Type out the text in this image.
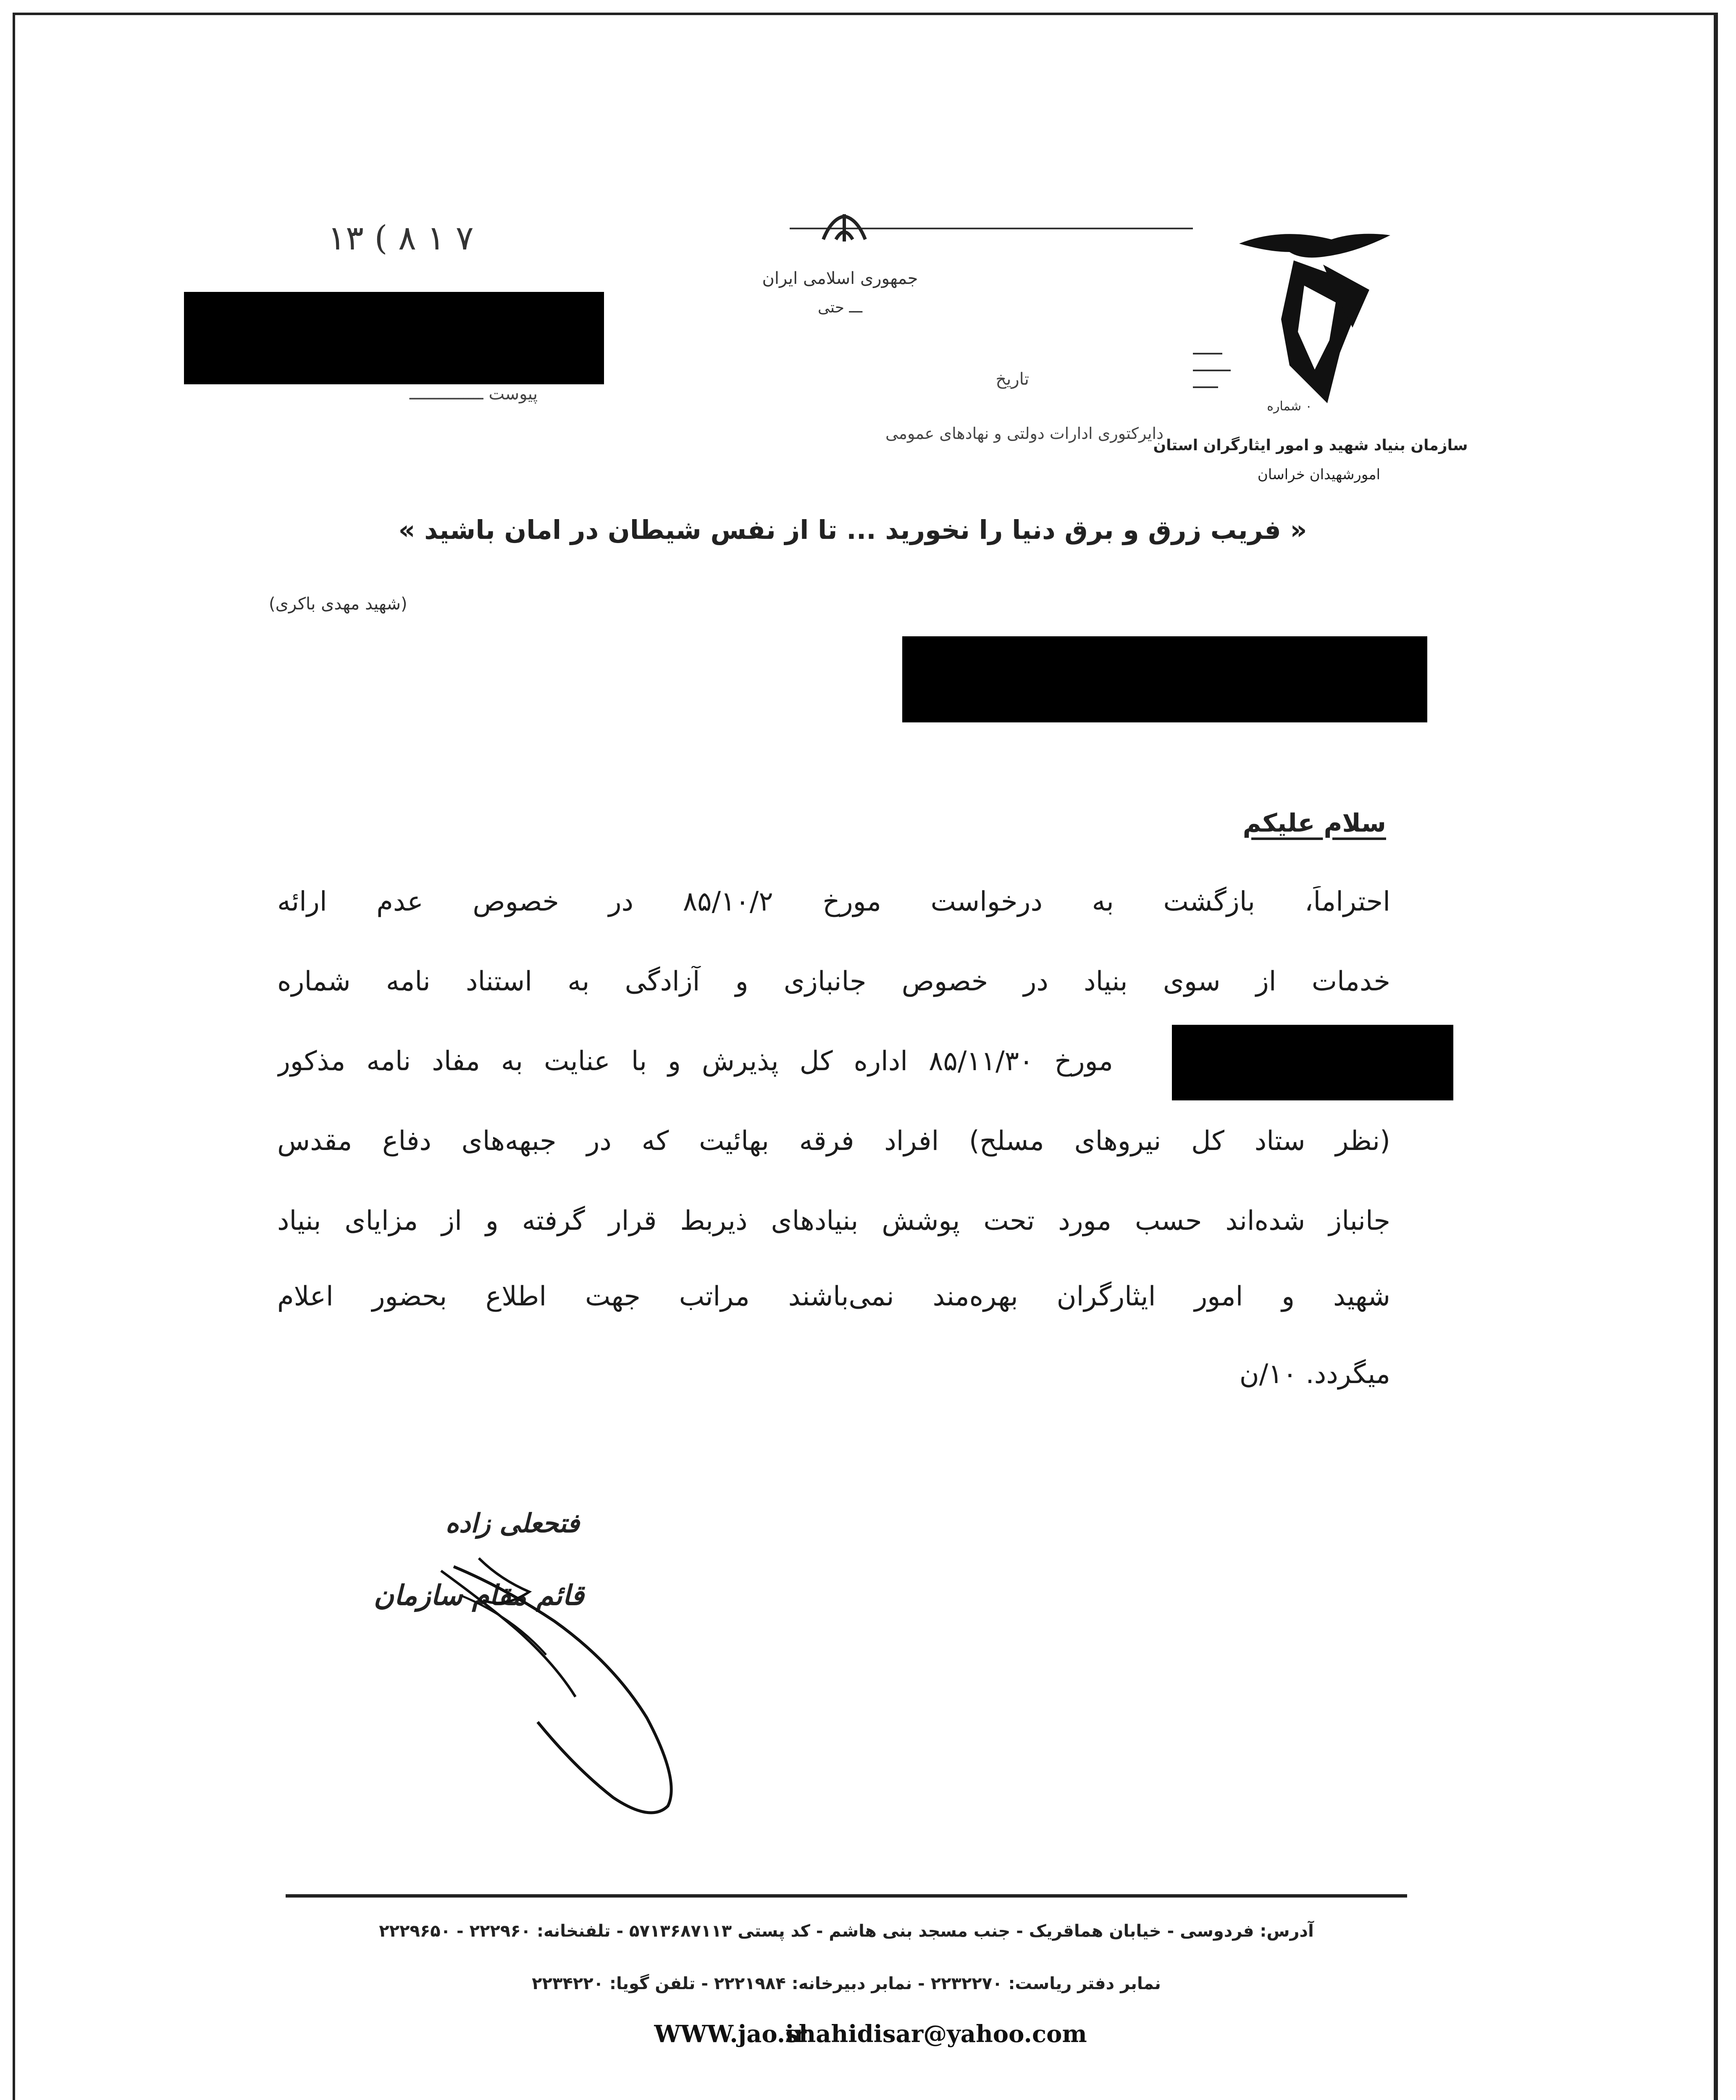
۱۳ ( ۸ ۱ ۷
جمهوری اسلامی ایران
ـــ حتی
پیوست ـــــــــــــــ
تاریخ
دایرکتوری ادارات دولتی و نهادهای عمومی
۰ شماره
سازمان بنیاد شهید و امور ایثارگران استان
امورشهیدان خراسان
« فریب زرق و برق دنیا را نخورید ... تا از نفس شیطان در امان باشید »
(شهید مهدی باکری)
سلام علیکم
احتراماً، بازگشت به درخواست مورخ ۸۵/۱۰/۲ در خصوص عدم ارائه
خدمات از سوی بنیاد در خصوص جانبازی و آزادگی به استناد نامه شماره
مورخ ۸۵/۱۱/۳۰ اداره کل پذیرش و با عنایت به مفاد نامه مذکور
(نظر ستاد کل نیروهای مسلح) افراد فرقه بهائیت که در جبهه‌های دفاع مقدس
جانباز شده‌اند حسب مورد تحت پوشش بنیادهای ذیربط قرار گرفته و از مزایای بنیاد
شهید و امور ایثارگران بهره‌مند نمی‌باشند مراتب جهت اطلاع بحضور اعلام
میگردد. ۱۰/ن
فتحعلی زاده
قائم مقام سازمان
آدرس: فردوسی - خیابان هماقریک - جنب مسجد بنی هاشم - کد پستی ۵۷۱۳۶۸۷۱۱۳ - تلفنخانه: ۲۲۲۹۶۰ - ۲۲۲۹۶۵۰
نمابر دفتر ریاست: ۲۲۳۲۲۷۰ - نمابر دبیرخانه: ۲۲۲۱۹۸۴ - تلفن گویا: ۲۲۳۴۲۲۰
WWW.jao.ir
shahidisar@yahoo.com
